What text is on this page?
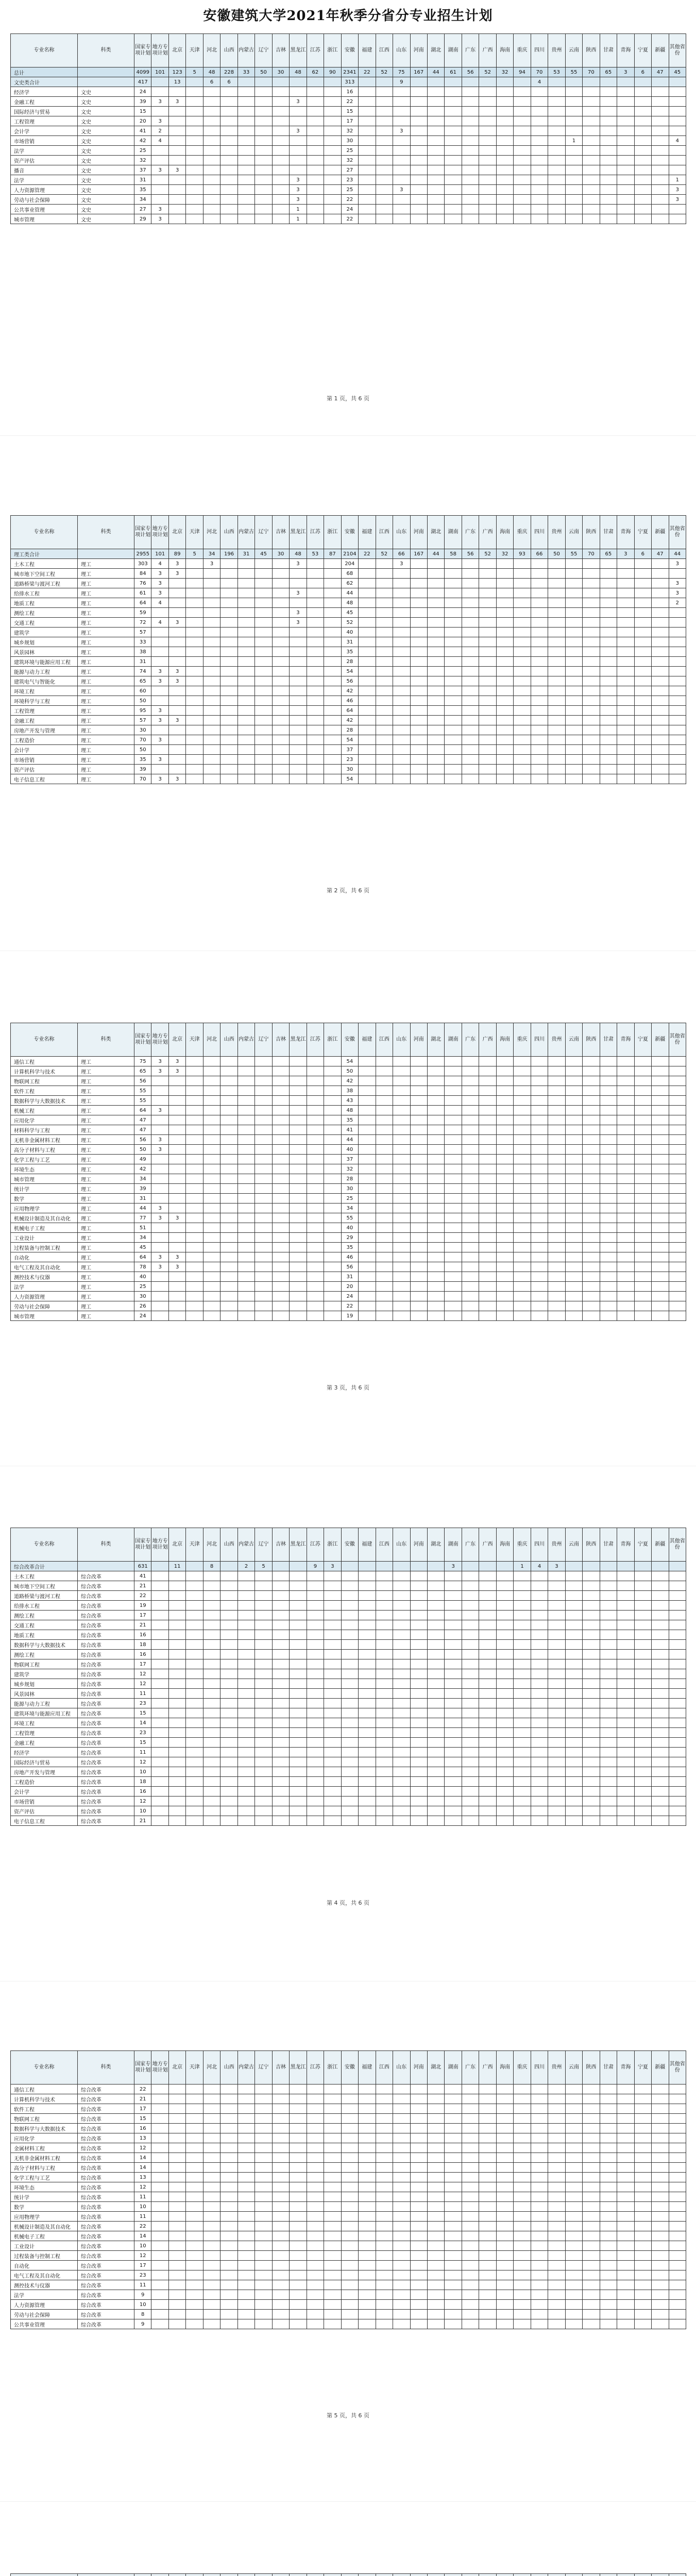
安徽建筑大学2021年秋季分省分专业招生计划
专业名称	科类	国家专项计划	地方专项计划	北京	天津	河北	山西	内蒙古	辽宁	吉林	黑龙江	江苏	浙江	安徽	福建	江西	山东	河南	湖北	湖南	广东	广西	海南	重庆	四川	贵州	云南	陕西	甘肃	青海	宁夏	新疆	其他省份
总计		4099	101	123	5	48	228	33	50	30	48	62	90	2341	22	52	75	167	44	61	56	52	32	94	70	53	55	70	65	3	6	47	45
文史类合计		417		13		6	6							313			9								4								
经济学	文史	24												16																			
金融工程	文史	39	3	3							3			22																			
国际经济与贸易	文史	15												15																			
工程管理	文史	20	3											17																			
会计学	文史	41	2								3			32			3																
市场营销	文史	42	4											30													1						4
法学	文史	25												25																			
资产评估	文史	32												32																			
播音	文史	37	3	3										27																			
法学	文史	31									3			23																			1
人力资源管理	文史	35									3			25			3																3
劳动与社会保障	文史	34									3			22																			3
公共事业管理	文史	27	3								1			24																			
城市管理	文史	29	3								1			22																			
第 1 页，共 6 页
专业名称	科类	国家专项计划	地方专项计划	北京	天津	河北	山西	内蒙古	辽宁	吉林	黑龙江	江苏	浙江	安徽	福建	江西	山东	河南	湖北	湖南	广东	广西	海南	重庆	四川	贵州	云南	陕西	甘肃	青海	宁夏	新疆	其他省份
理工类合计		2955	101	89	5	34	196	31	45	30	48	53	87	2104	22	52	66	167	44	58	56	52	32	93	66	50	55	70	65	3	6	47	44
土木工程	理工	303	4	3		3					3			204			3																3
城市地下空间工程	理工	84	3	3										68																			
道路桥梁与渡河工程	理工	76	3											62																			3
给排水工程	理工	61	3								3			44																			3
地质工程	理工	64	4											48																			2
测绘工程	理工	59									3			45																			
交通工程	理工	72	4	3							3			52																			
建筑学	理工	57												40																			
城乡规划	理工	33												31																			
风景园林	理工	38												35																			
建筑环境与能源应用工程	理工	31												28																			
能源与动力工程	理工	74	3	3										54																			
建筑电气与智能化	理工	65	3	3										56																			
环境工程	理工	60												42																			
环境科学与工程	理工	50												46																			
工程管理	理工	95	3											64																			
金融工程	理工	57	3	3										42																			
房地产开发与管理	理工	30												28																			
工程造价	理工	70	3											54																			
会计学	理工	50												37																			
市场营销	理工	35	3											23																			
资产评估	理工	39												30																			
电子信息工程	理工	70	3	3										54																			
第 2 页，共 6 页
专业名称	科类	国家专项计划	地方专项计划	北京	天津	河北	山西	内蒙古	辽宁	吉林	黑龙江	江苏	浙江	安徽	福建	江西	山东	河南	湖北	湖南	广东	广西	海南	重庆	四川	贵州	云南	陕西	甘肃	青海	宁夏	新疆	其他省份
通信工程	理工	75	3	3										54																			
计算机科学与技术	理工	65	3	3										50																			
物联网工程	理工	56												42																			
软件工程	理工	55												38																			
数据科学与大数据技术	理工	55												43																			
机械工程	理工	64	3											48																			
应用化学	理工	47												35																			
材料科学与工程	理工	47												41																			
无机非金属材料工程	理工	56	3											44																			
高分子材料与工程	理工	50	3											40																			
化学工程与工艺	理工	49												37																			
环境生态	理工	42												32																			
城市管理	理工	34												28																			
统计学	理工	39												30																			
数学	理工	31												25																			
应用物理学	理工	44	3											34																			
机械设计制造及其自动化	理工	77	3	3										55																			
机械电子工程	理工	51												40																			
工业设计	理工	34												29																			
过程装备与控制工程	理工	45												35																			
自动化	理工	64	3	3										46																			
电气工程及其自动化	理工	78	3	3										56																			
测控技术与仪器	理工	40												31																			
法学	理工	25												20																			
人力资源管理	理工	30												24																			
劳动与社会保障	理工	26												22																			
城市管理	理工	24												19																			
第 3 页，共 6 页
专业名称	科类	国家专项计划	地方专项计划	北京	天津	河北	山西	内蒙古	辽宁	吉林	黑龙江	江苏	浙江	安徽	福建	江西	山东	河南	湖北	湖南	广东	广西	海南	重庆	四川	贵州	云南	陕西	甘肃	青海	宁夏	新疆	其他省份
综合改革合计		631		11		8		2	5			9	3							3				1	4	3							
土木工程	综合改革	41																															
城市地下空间工程	综合改革	21																															
道路桥梁与渡河工程	综合改革	22																															
给排水工程	综合改革	19																															
测绘工程	综合改革	17																															
交通工程	综合改革	21																															
地质工程	综合改革	16																															
数据科学与大数据技术	综合改革	18																															
测绘工程	综合改革	16																															
物联网工程	综合改革	17																															
建筑学	综合改革	12																															
城乡规划	综合改革	12																															
风景园林	综合改革	11																															
能源与动力工程	综合改革	23																															
建筑环境与能源应用工程	综合改革	15																															
环境工程	综合改革	14																															
工程管理	综合改革	23																															
金融工程	综合改革	15																															
经济学	综合改革	11																															
国际经济与贸易	综合改革	12																															
房地产开发与管理	综合改革	10																															
工程造价	综合改革	18																															
会计学	综合改革	16																															
市场营销	综合改革	12																															
资产评估	综合改革	10																															
电子信息工程	综合改革	21																															
第 4 页，共 6 页
专业名称	科类	国家专项计划	地方专项计划	北京	天津	河北	山西	内蒙古	辽宁	吉林	黑龙江	江苏	浙江	安徽	福建	江西	山东	河南	湖北	湖南	广东	广西	海南	重庆	四川	贵州	云南	陕西	甘肃	青海	宁夏	新疆	其他省份
通信工程	综合改革	22																															
计算机科学与技术	综合改革	21																															
软件工程	综合改革	17																															
物联网工程	综合改革	15																															
数据科学与大数据技术	综合改革	16																															
应用化学	综合改革	13																															
金属材料工程	综合改革	12																															
无机非金属材料工程	综合改革	14																															
高分子材料与工程	综合改革	14																															
化学工程与工艺	综合改革	13																															
环境生态	综合改革	12																															
统计学	综合改革	11																															
数学	综合改革	10																															
应用物理学	综合改革	11																															
机械设计制造及其自动化	综合改革	22																															
机械电子工程	综合改革	14																															
工业设计	综合改革	10																															
过程装备与控制工程	综合改革	12																															
自动化	综合改革	17																															
电气工程及其自动化	综合改革	23																															
测控技术与仪器	综合改革	11																															
法学	综合改革	9																															
人力资源管理	综合改革	10																															
劳动与社会保障	综合改革	8																															
公共事业管理	综合改革	9																															
第 5 页，共 6 页
